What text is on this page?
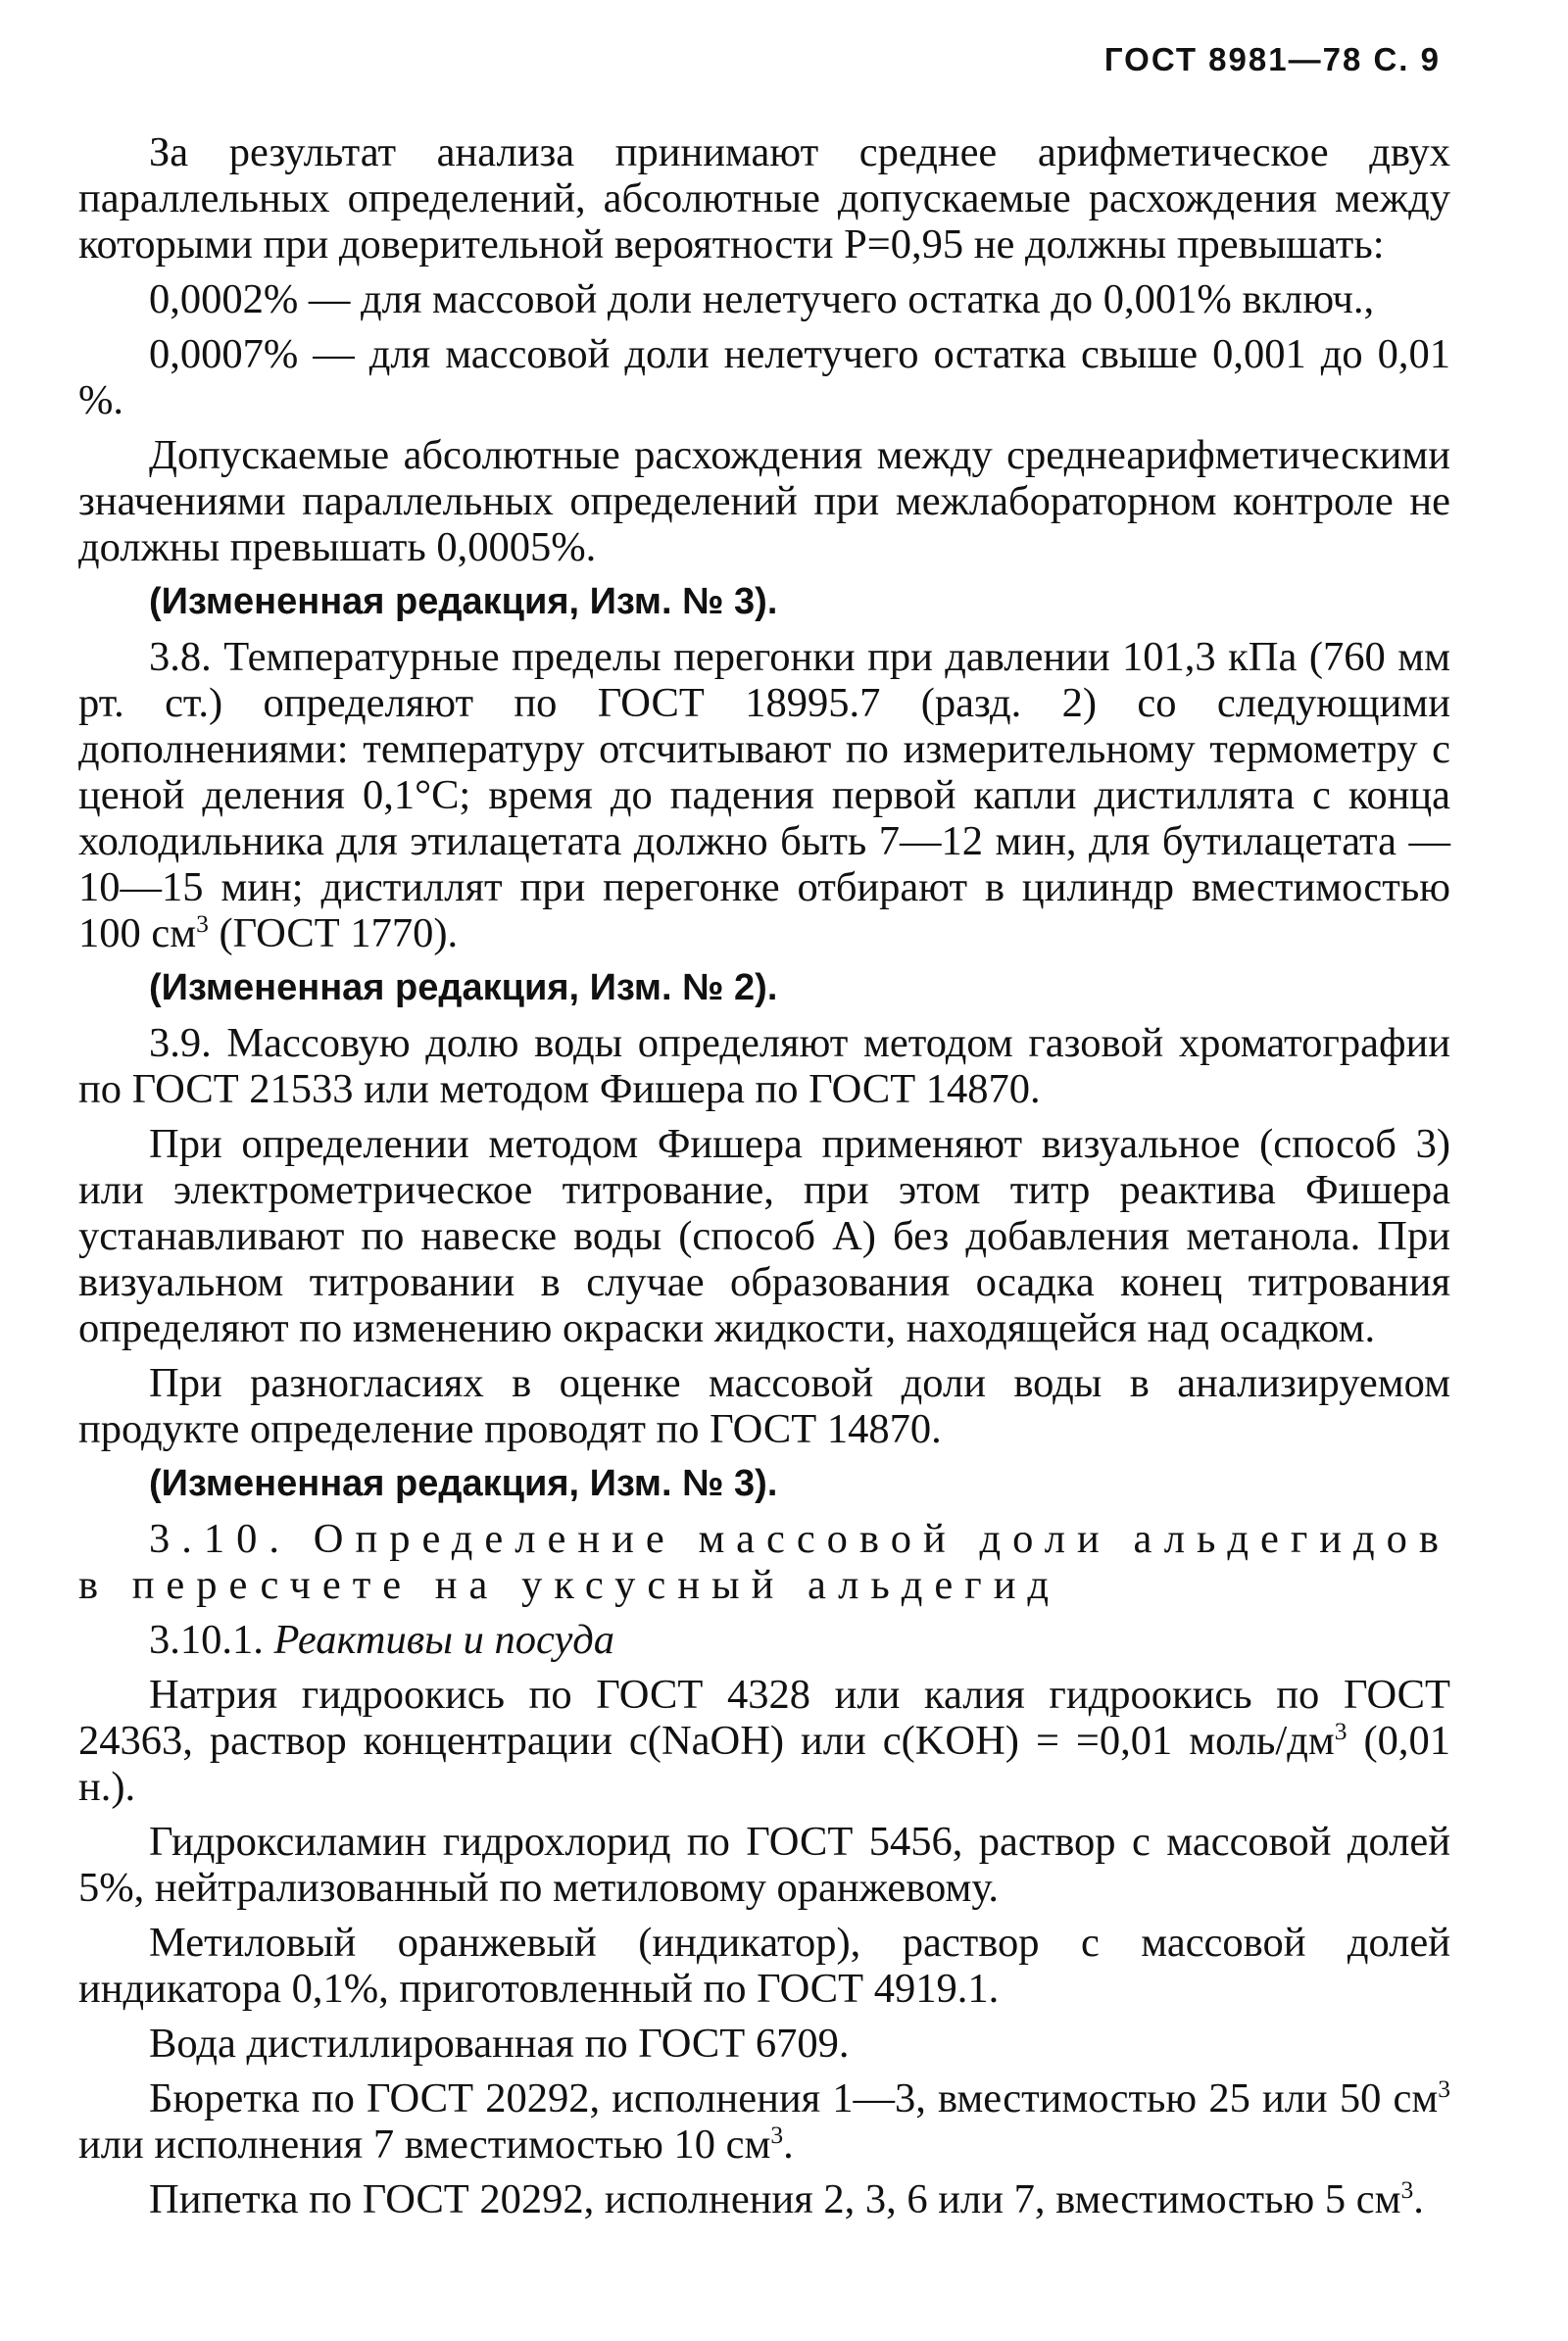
ГОСТ 8981—78 С. 9

За результат анализа принимают среднее арифметическое двух параллельных определений, абсолютные допускаемые расхождения между которыми при доверительной вероятности Р=0,95 не должны превышать:

0,0002% — для массовой доли нелетучего остатка до 0,001% включ.,

0,0007% — для массовой доли нелетучего остатка свыше 0,001 до 0,01 %.

Допускаемые абсолютные расхождения между среднеарифметическими значениями параллельных определений при межлабораторном контроле не должны превышать 0,0005%.

(Измененная редакция, Изм. № 3).

3.8. Температурные пределы перегонки при давлении 101,3 кПа (760 мм рт. ст.) определяют по ГОСТ 18995.7 (разд. 2) со следующими дополнениями: температуру отсчитывают по измерительному термометру с ценой деления 0,1°С; время до падения первой капли дистиллята с конца холодильника для этилацетата должно быть 7—12 мин, для бутилацетата — 10—15 мин; дистиллят при перегонке отбирают в цилиндр вместимостью 100 $см^3$ (ГОСТ 1770).

(Измененная редакция, Изм. № 2).

3.9. Массовую долю воды определяют методом газовой хроматографии по ГОСТ 21533 или методом Фишера по ГОСТ 14870.

При определении методом Фишера применяют визуальное (способ 3) или электрометрическое титрование, при этом титр реактива Фишера устанавливают по навеске воды (способ А) без добавления метанола. При визуальном титровании в случае образования осадка конец титрования определяют по изменению окраски жидкости, находящейся над осадком.

При разногласиях в оценке массовой доли воды в анализируемом продукте определение проводят по ГОСТ 14870.

(Измененная редакция, Изм. № 3).

3.10. Определение массовой доли альдегидов в пересчете на уксусный альдегид

3.10.1. Реактивы и посуда

Натрия гидроокись по ГОСТ 4328 или калия гидроокись по ГОСТ 24363, раствор концентрации с(NaOH) или с(KOH) = =0,01 моль/$дм^3$ (0,01 н.).

Гидроксиламин гидрохлорид по ГОСТ 5456, раствор с массовой долей 5%, нейтрализованный по метиловому оранжевому.

Метиловый оранжевый (индикатор), раствор с массовой долей индикатора 0,1%, приготовленный по ГОСТ 4919.1.

Вода дистиллированная по ГОСТ 6709.

Бюретка по ГОСТ 20292, исполнения 1—3, вместимостью 25 или 50 $см^3$ или исполнения 7 вместимостью 10 $см^3$.

Пипетка по ГОСТ 20292, исполнения 2, 3, 6 или 7, вместимостью 5 $см^3$.
